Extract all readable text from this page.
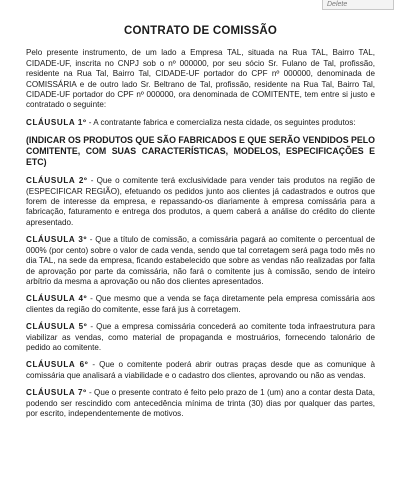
Delete
CONTRATO DE COMISSÃO

Pelo presente instrumento, de um lado a Empresa TAL, situada na Rua TAL, Bairro TAL, CIDADE-UF, inscrita no CNPJ sob o nº 000000, por seu sócio Sr. Fulano de Tal, profissão, residente na Rua Tal, Bairro Tal, CIDADE-UF portador do CPF nº 000000, denominada de COMISSÁRIA e de outro lado Sr. Beltrano de Tal, profissão, residente na Rua Tal, Bairro Tal, CIDADE-UF portador do CPF nº 000000, ora denominada de COMITENTE, tem entre si justo e contratado o seguinte:

CLÁUSULA 1º - A contratante fabrica e comercializa nesta cidade, os seguintes produtos:

(INDICAR OS PRODUTOS QUE SÃO FABRICADOS E QUE SERÃO VENDIDOS PELO COMITENTE, COM SUAS CARACTERÍSTICAS, MODELOS, ESPECIFICAÇÕES E ETC)

CLÁUSULA 2º - Que o comitente terá exclusividade para vender tais produtos na região de (ESPECIFICAR REGIÃO), efetuando os pedidos junto aos clientes já cadastrados e outros que forem de interesse da empresa, e repassando-os diariamente à empresa comissária para a fabricação, faturamento e entrega dos produtos, a quem caberá a análise do crédito do cliente apresentado.

CLÁUSULA 3º - Que a título de comissão, a comissária pagará ao comitente o percentual de 000% (por cento) sobre o valor de cada venda, sendo que tal corretagem será paga todo mês no dia TAL, na sede da empresa, ficando estabelecido que sobre as vendas não realizadas por falta de aprovação por parte da comissária, não fará o comitente jus à comissão, sendo de inteiro arbítrio da mesma a aprovação ou não dos clientes apresentados.

CLÁUSULA 4º - Que mesmo que a venda se faça diretamente pela empresa comissária aos clientes da região do comitente, esse fará jus à corretagem.

CLÁUSULA 5º - Que a empresa comissária concederá ao comitente toda infraestrutura para viabilizar as vendas, como material de propaganda e mostruários, fornecendo talonário de pedido ao comitente.

CLÁUSULA 6º - Que o comitente poderá abrir outras praças desde que as comunique à comissária que analisará a viabilidade e o cadastro dos clientes, aprovando ou não as vendas.

CLÁUSULA 7º - Que o presente contrato é feito pelo prazo de 1 (um) ano a contar desta Data, podendo ser rescindido com antecedência mínima de trinta (30) dias por qualquer das partes, por escrito, independentemente de motivos.
